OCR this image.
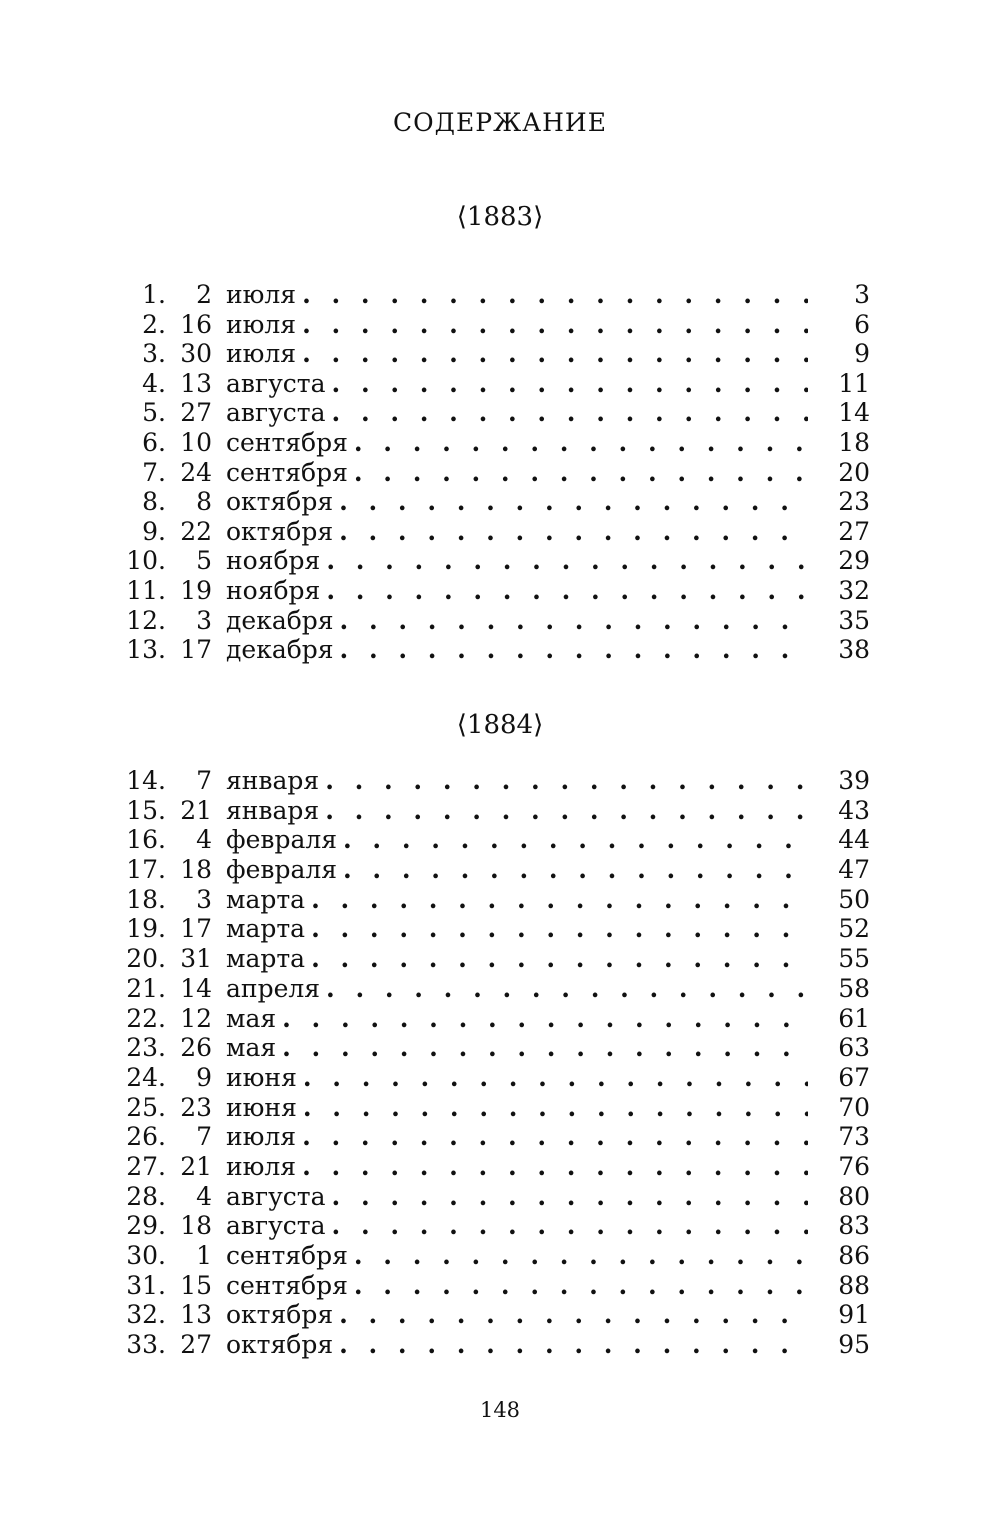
СОДЕРЖАНИЕ
⟨1883⟩
1.	2 июля . . .	3
2. 16 июля . . .	6
3. 30 июля . . .	9
4. 13 августа . . .	11
5. 27 августа . . .	14
6. 10 сентября . . .	18
7. 24 сентября . . .	20
8.	8 октября . . .	23
9. 22 октября . . .	27
10.	5 ноября . . .	29
11. 19 ноября . . .	32
12.	3 декабря . . .	35
13. 17 декабря . . .	38
⟨1884⟩
14.	7 января . . .	39
15. 21 января . . .	43
16.	4 февраля . . .	44
17. 18 февраля . . .	47
18.	3 марта . . .	50
19. 17 марта . . .	52
20. 31 марта . . .	55
21. 14 апреля . . .	58
22. 12 мая . . .	61
23. 26 мая . . .	63
24.	9 июня . . .	67
25. 23 июня . . .	70
26.	7 июля . . .	73
27. 21 июля . . .	76
28.	4 августа . . .	80
29. 18 августа . . .	83
30.	1 сентября . . .	86
31. 15 сентября . . .	88
32. 13 октября . . .	91
33. 27 октября . . .	95
148
